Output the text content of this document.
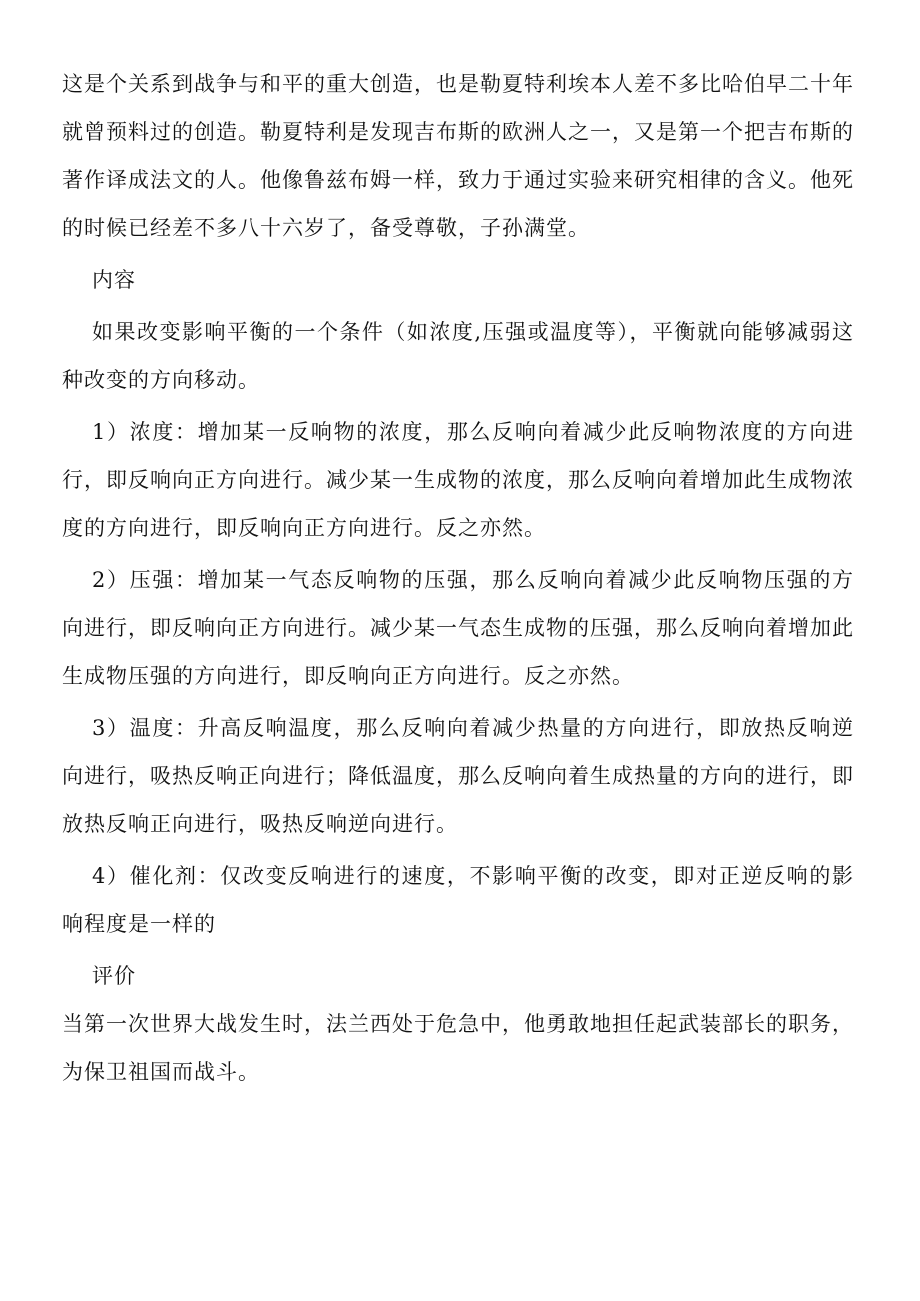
这是个关系到战争与和平的重大创造，也是勒夏特利埃本人差不多比哈伯早二十年就曾预料过的创造。勒夏特利是发现吉布斯的欧洲人之一，又是第一个把吉布斯的著作译成法文的人。他像鲁兹布姆一样，致力于通过实验来研究相律的含义。他死的时候已经差不多八十六岁了，备受尊敬，子孙满堂。

内容

如果改变影响平衡的一个条件（如浓度,压强或温度等），平衡就向能够减弱这种改变的方向移动。

1）浓度：增加某一反响物的浓度，那么反响向着减少此反响物浓度的方向进行，即反响向正方向进行。减少某一生成物的浓度，那么反响向着增加此生成物浓度的方向进行，即反响向正方向进行。反之亦然。

2）压强：增加某一气态反响物的压强，那么反响向着减少此反响物压强的方向进行，即反响向正方向进行。减少某一气态生成物的压强，那么反响向着增加此生成物压强的方向进行，即反响向正方向进行。反之亦然。

3）温度：升高反响温度，那么反响向着减少热量的方向进行，即放热反响逆向进行，吸热反响正向进行；降低温度，那么反响向着生成热量的方向的进行，即放热反响正向进行，吸热反响逆向进行。

4）催化剂：仅改变反响进行的速度，不影响平衡的改变，即对正逆反响的影响程度是一样的

评价

当第一次世界大战发生时，法兰西处于危急中，他勇敢地担任起武装部长的职务，为保卫祖国而战斗。
